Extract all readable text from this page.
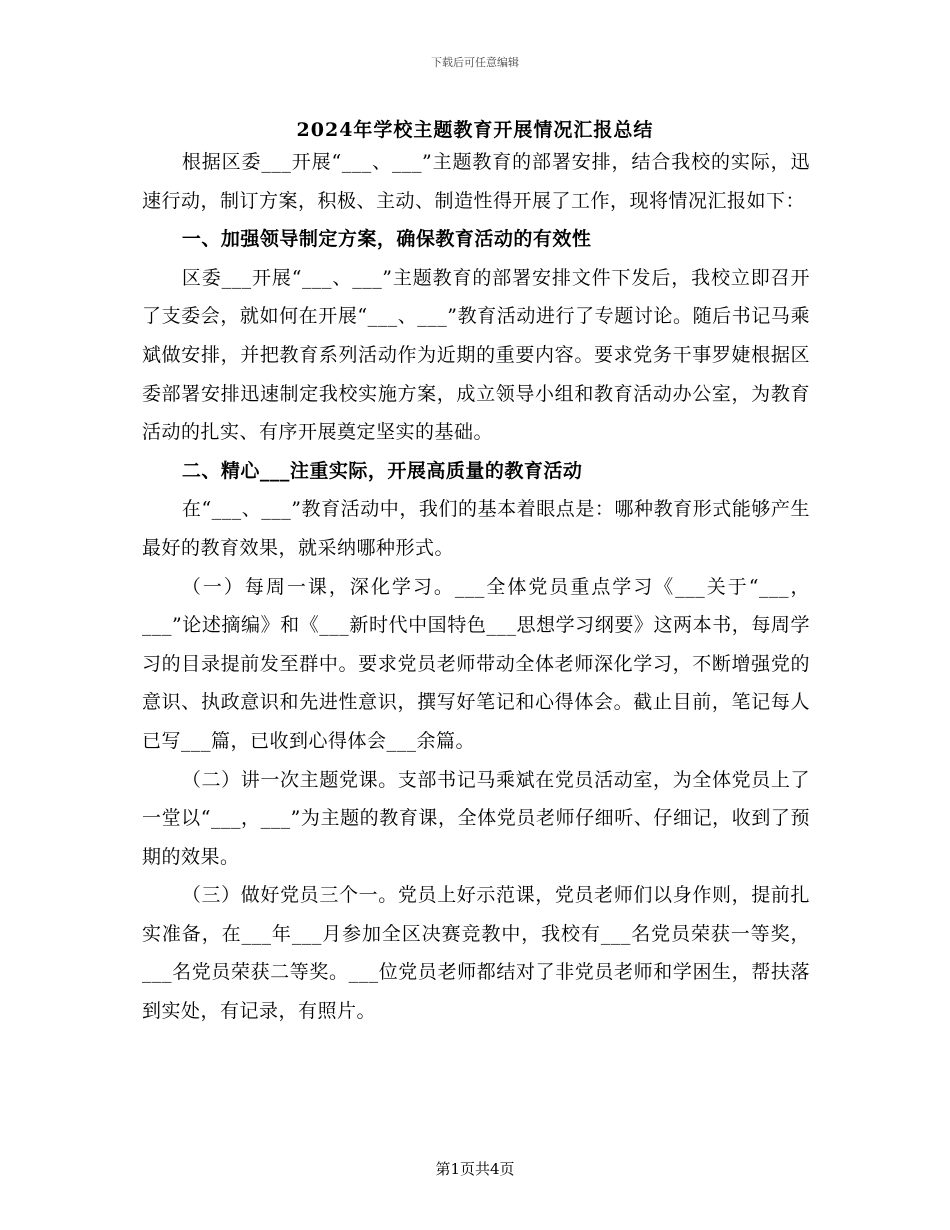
下载后可任意编辑
2024年学校主题教育开展情况汇报总结

根据区委___开展“___、___”主题教育的部署安排，结合我校的实际，迅速行动，制订方案，积极、主动、制造性得开展了工作，现将情况汇报如下：

一、加强领导制定方案，确保教育活动的有效性

区委___开展“___、___”主题教育的部署安排文件下发后，我校立即召开了支委会，就如何在开展“___、___”教育活动进行了专题讨论。随后书记马乘斌做安排，并把教育系列活动作为近期的重要内容。要求党务干事罗婕根据区委部署安排迅速制定我校实施方案，成立领导小组和教育活动办公室，为教育活动的扎实、有序开展奠定坚实的基础。

二、精心___注重实际，开展高质量的教育活动

在“___、___”教育活动中，我们的基本着眼点是：哪种教育形式能够产生最好的教育效果，就采纳哪种形式。

（一）每周一课，深化学习。___全体党员重点学习《___关于“___，___”论述摘编》和《___新时代中国特色___思想学习纲要》这两本书，每周学习的目录提前发至群中。要求党员老师带动全体老师深化学习，不断增强党的意识、执政意识和先进性意识，撰写好笔记和心得体会。截止目前，笔记每人已写___篇，已收到心得体会___余篇。

（二）讲一次主题党课。支部书记马乘斌在党员活动室，为全体党员上了一堂以“___，___”为主题的教育课，全体党员老师仔细听、仔细记，收到了预期的效果。

（三）做好党员三个一。党员上好示范课，党员老师们以身作则，提前扎实准备，在___年___月参加全区决赛竞教中，我校有___名党员荣获一等奖，___名党员荣获二等奖。___位党员老师都结对了非党员老师和学困生，帮扶落到实处，有记录，有照片。

第1页共4页
